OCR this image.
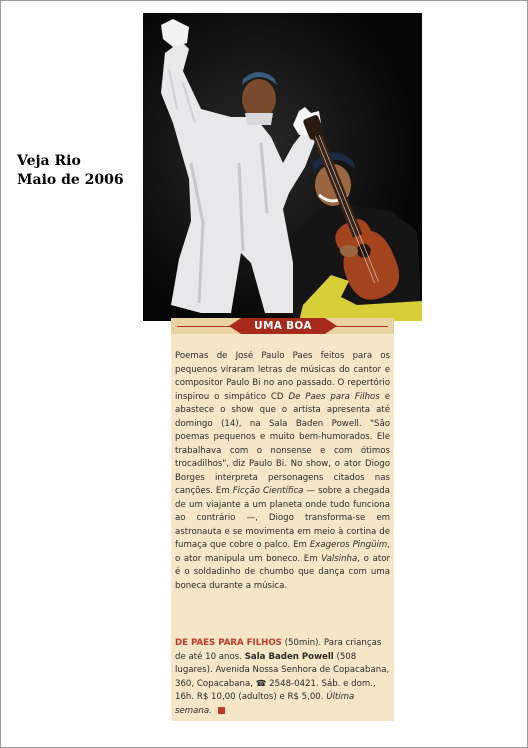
Veja Rio
Maio de 2006
UMA BOA

Poemas de José Paulo Paes feitos para os pequenos viraram letras de músicas do cantor e compositor Paulo Bi no ano passado. O repertório inspirou o simpático CD De Paes para Filhos e abastece o show que o artista apresenta até domingo (14), na Sala Baden Powell. "São poemas pequenos e muito bem-humorados. Ele trabalhava com o nonsense e com ótimos trocadilhos", diz Paulo Bi. No show, o ator Diogo Borges interpreta personagens citados nas canções. Em Ficção Científica — sobre a chegada de um viajante a um planeta onde tudo funciona ao contrário —, Diogo transforma-se em astronauta e se movimenta em meio à cortina de fumaça que cobre o palco. Em Exageros Pingüim, o ator manipula um boneco. Em Valsinha, o ator é o soldadinho de chumbo que dança com uma boneca durante a música.

DE PAES PARA FILHOS (50min). Para crianças de até 10 anos. Sala Baden Powell (508 lugares). Avenida Nossa Senhora de Copacabana, 360, Copacabana, ☎ 2548-0421. Sáb. e dom., 16h. R$ 10,00 (adultos) e R$ 5,00. Última semana.
